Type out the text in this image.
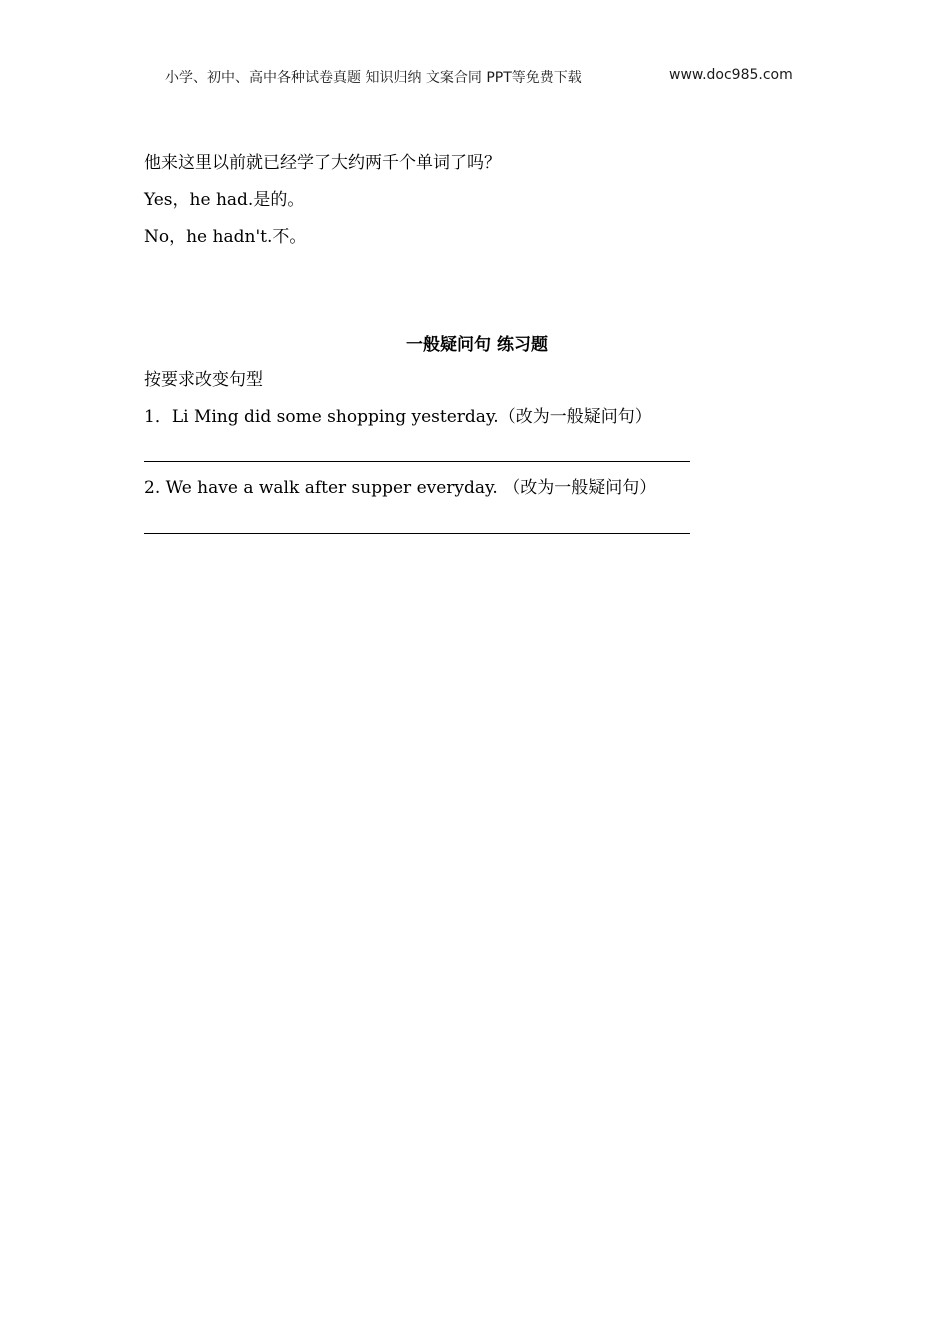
小学、初中、高中各种试卷真题 知识归纳 文案合同 PPT等免费下载	www.doc985.com
他来这里以前就已经学了大约两千个单词了吗？
Yes，he had.是的。
No，he hadn't.不。
一般疑问句 练习题
按要求改变句型
1．Li Ming did some shopping yesterday.（改为一般疑问句）
2. We have a walk after supper everyday. （改为一般疑问句）
